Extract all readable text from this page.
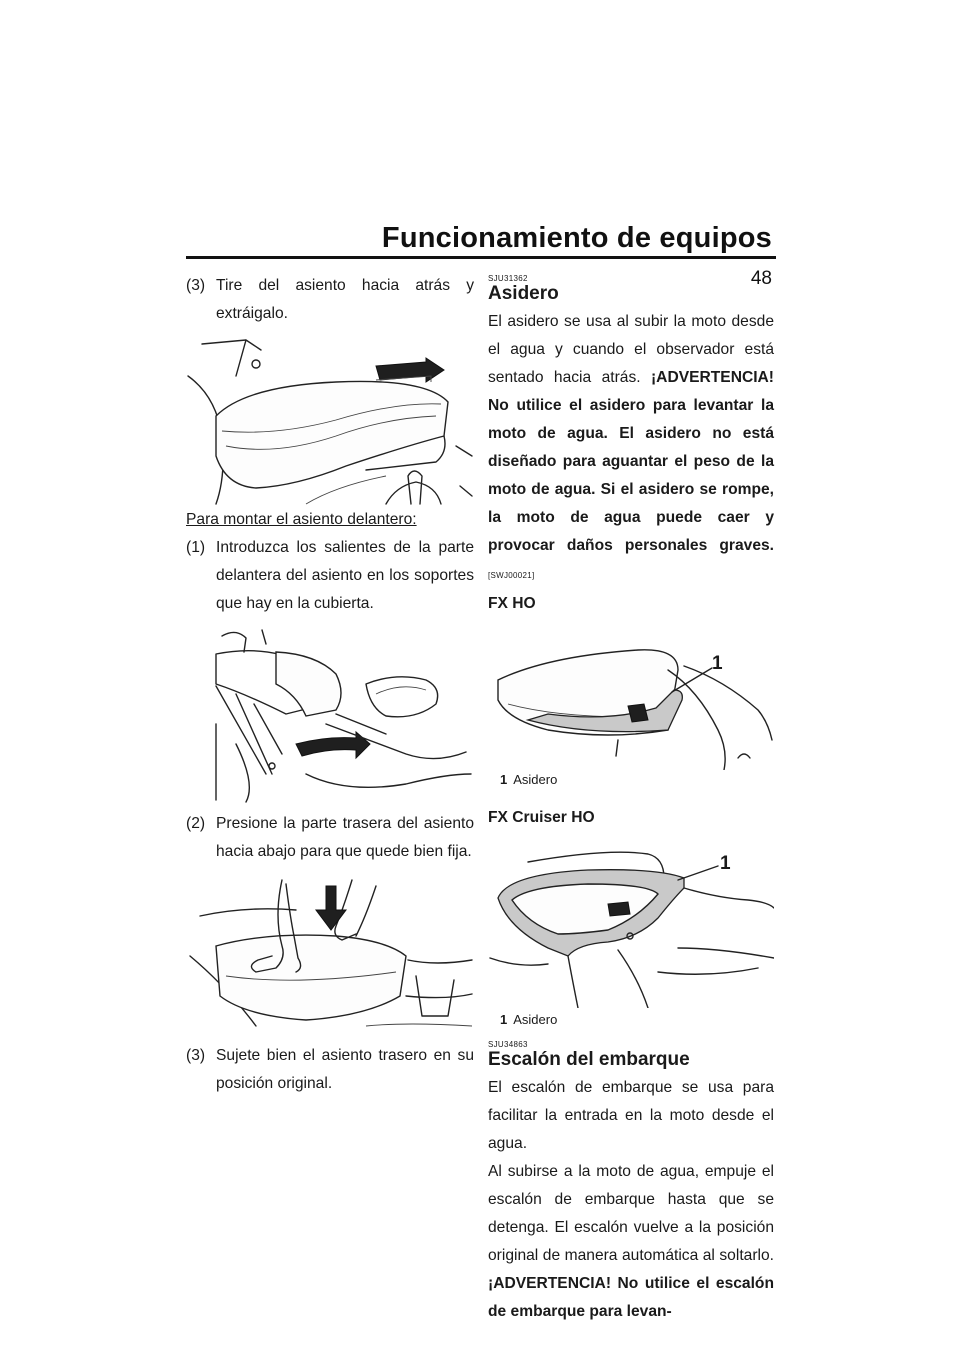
Funcionamiento de equipos
48

(3) Tire del asiento hacia atrás y extráigalo.

Para montar el asiento delantero:

(1) Introduzca los salientes de la parte delantera del asiento en los soportes que hay en la cubierta.

(2) Presione la parte trasera del asiento hacia abajo para que quede bien fija.

(3) Sujete bien el asiento trasero en su posición original.

SJU31362

Asidero

El asidero se usa al subir la moto desde el agua y cuando el observador está sentado hacia atrás. ¡ADVERTENCIA! No utilice el asidero para levantar la moto de agua. El asidero no está diseñado para aguantar el peso de la moto de agua. Si el asidero se rompe, la moto de agua puede caer y provocar daños personales graves. [SWJ00021]

FX HO

1

1 Asidero

FX Cruiser HO

1

1 Asidero

SJU34863

Escalón del embarque

El escalón de embarque se usa para facilitar la entrada en la moto desde el agua.

Al subirse a la moto de agua, empuje el escalón de embarque hasta que se detenga. El escalón vuelve a la posición original de manera automática al soltarlo. ¡ADVERTENCIA! No utilice el escalón de embarque para levan-
